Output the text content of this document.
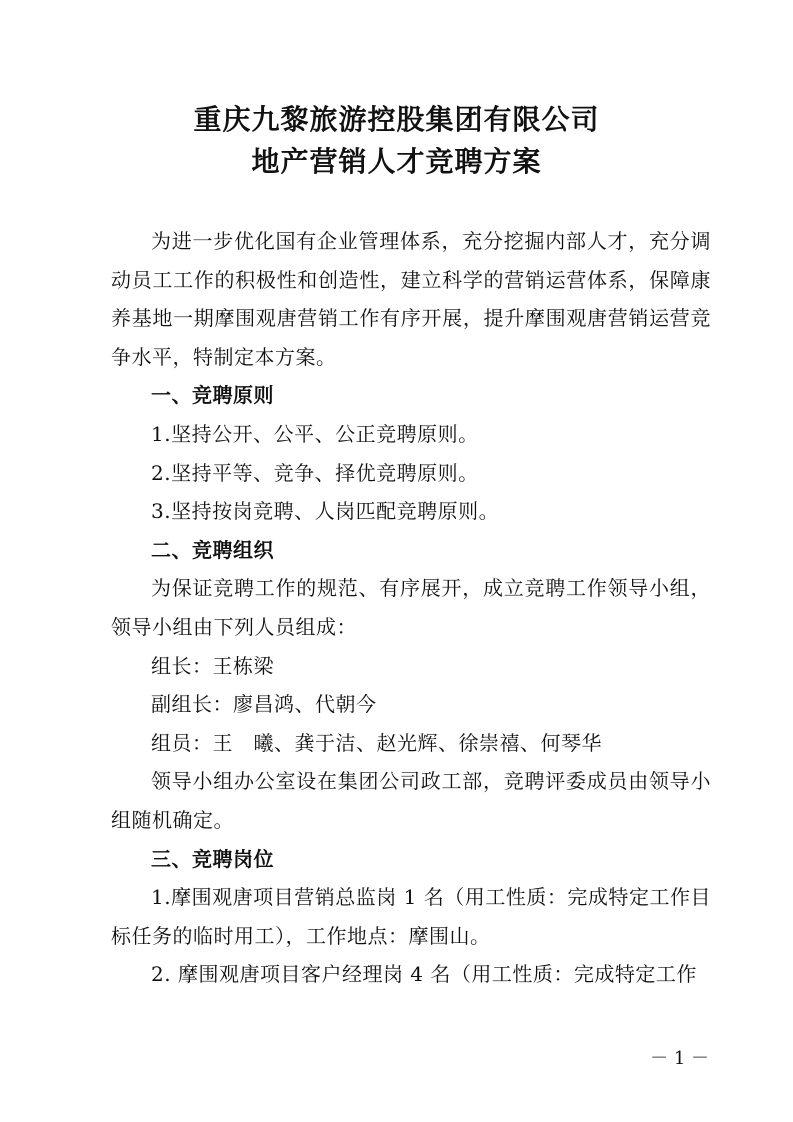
重庆九黎旅游控股集团有限公司
地产营销人才竞聘方案

为进一步优化国有企业管理体系，充分挖掘内部人才，充分调动员工工作的积极性和创造性，建立科学的营销运营体系，保障康养基地一期摩围观唐营销工作有序开展，提升摩围观唐营销运营竞争水平，特制定本方案。

一、竞聘原则

1.坚持公开、公平、公正竞聘原则。

2.坚持平等、竞争、择优竞聘原则。

3.坚持按岗竞聘、人岗匹配竞聘原则。

二、竞聘组织

为保证竞聘工作的规范、有序展开，成立竞聘工作领导小组，领导小组由下列人员组成：

组长：王栋梁

副组长：廖昌鸿、代朝今

组员：王　曦、龚于洁、赵光辉、徐崇禧、何琴华

领导小组办公室设在集团公司政工部，竞聘评委成员由领导小组随机确定。

三、竞聘岗位

1.摩围观唐项目营销总监岗 1 名（用工性质：完成特定工作目标任务的临时用工），工作地点：摩围山。

2. 摩围观唐项目客户经理岗 4 名（用工性质：完成特定工作

－ 1 －
